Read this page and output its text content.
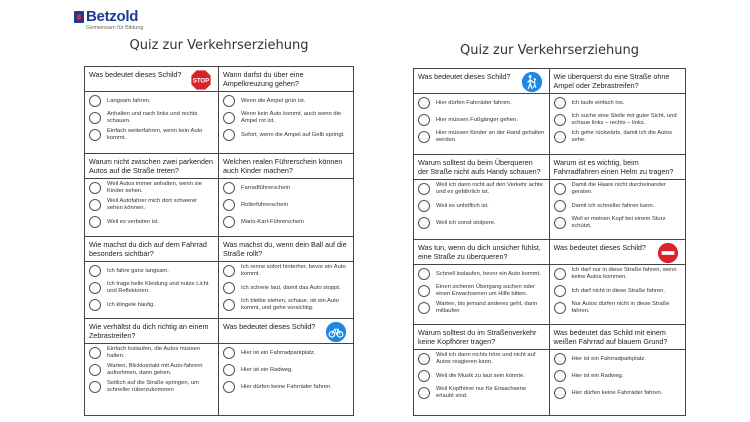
Betzold
Gemeinsam für Bildung
Quiz zur Verkehrserziehung
Was bedeutet dieses Schild?
STOP
Langsam fahren.
Anhalten und nach links und rechts schauen.
Einfach weiterfahren, wenn kein Auto kommt.
Wann darfst du über eine Ampelkreuzung gehen?
Wenn die Ampel grün ist.
Wenn kein Auto kommt, auch wenn die Ampel rot ist.
Sofort, wenn die Ampel auf Gelb springt.
Warum nicht zwischen zwei parkenden Autos auf die Straße treten?
Weil Autos immer anhalten, wenn sie Kinder sehen.
Weil Autofahrer mich dort schwerer sehen können.
Weil es verboten ist.
Welchen realen Führerschein können auch Kinder machen?
Farradführerschein
Rollerführerschein
Mario-Kart-Führerschein
Wie machst du dich auf dem Fahrrad besonders sichtbar?
Ich fahre ganz langsam.
Ich trage helle Kleidung und nutze Licht und Reflektoren.
Ich klingele häufig.
Was machst du, wenn dein Ball auf die Straße rollt?
Ich renne sofort hinterher, bevor ein Auto kommt.
Ich schreie laut, damit das Auto stoppt.
Ich bleibe stehen, schaue, ob ein Auto kommt, und gehe vorsichtig.
Wie verhältst du dich richtig an einem Zebrastreifen?
Einfach loslaufen, die Autos müssen halten.
Warten, Blickkontakt mit Auto-fahrern aufnehmen, dann gehen.
Seitlich auf die Straße springen, um schneller rüberzukommen
Was bedeutet dieses Schild?
Hier ist ein Fahrradparkplatz.
Hier ist ein Radweg.
Hier dürfen keine Fahrräder fahren.
Quiz zur Verkehrserziehung
Was bedeutet dieses Schild?
Hier dürfen Fahrräder fahren.
Hier müssen Fußgänger gehen.
Hier müssen Kinder an der Hand gehalten werden.
Wie überquerst du eine Straße ohne Ampel oder Zebrastreifen?
Ich laufe einfach los.
Ich suche eine Stelle mit guter Sicht, und schaue links – rechts – links.
Ich gehe rückwärts, damit ich die Autos sehe.
Warum solltest du beim Überqueren der Straße nicht aufs Handy schauen?
Weil ich dann nicht auf den Verkehr achte und es gefährlich ist.
Weil es unhöflich ist.
Weil ich sonst stolpere.
Warum ist es wichtig, beim Fahrradfahren einen Helm zu tragen?
Damit die Haare nicht durcheinander geraten.
Damit ich schneller fahren kann.
Weil er meinen Kopf bei einem Sturz schützt.
Was tun, wenn du dich unsicher fühlst, eine Straße zu überqueren?
Schnell loslaufen, bevor ein Auto kommt.
Einen sicheren Übergang suchen oder einen Erwachsenen um Hilfe bitten.
Warten, bis jemand anderes geht, dann mitlaufen
Was bedeutet dieses Schild?
Ich darf nur in diese Straße fahren, wenn keine Autos kommen.
Ich darf nicht in diese Straße fahren.
Nur Autos dürfen nicht in diese Straße fahren.
Warum solltest du im Straßenverkehr keine Kopfhörer tragen?
Weil ich dann nichts höre und nicht auf Autos reagieren kann.
Weil die Musik zu laut sein könnte.
Weil Kopfhörer nur für Erwachsene erlaubt sind.
Was bedeutet das Schild mit einem weißen Fahrrad auf blauem Grund?
Hier ist ein Fahrradparkplatz.
Hier ist ein Radweg.
Hier dürfen keine Fahrräder fahren.
